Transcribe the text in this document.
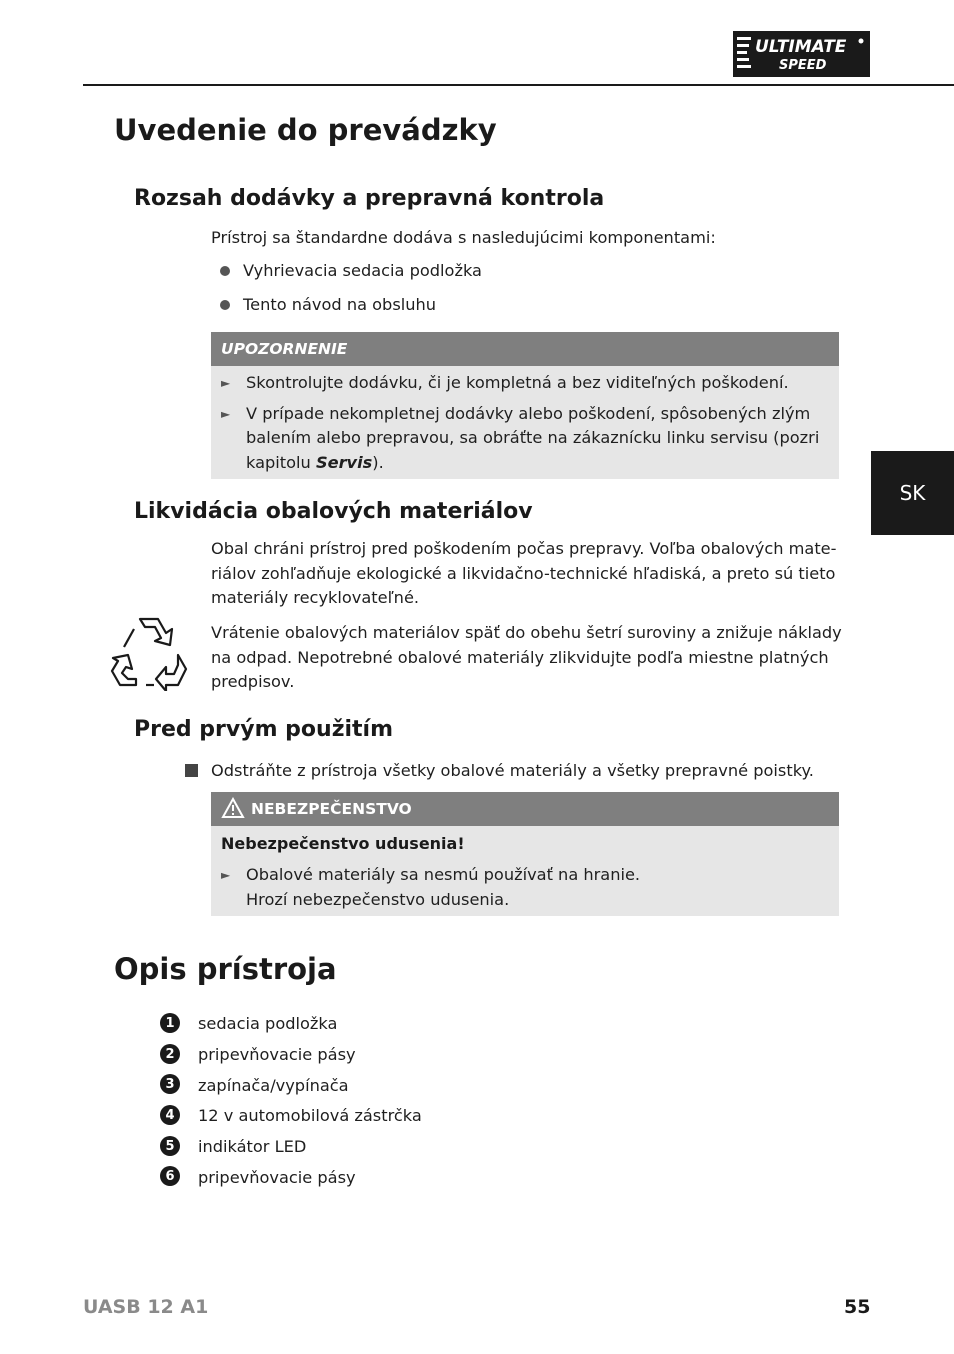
ULTIMATE
SPEED
SK
Uvedenie do prevádzky
Rozsah dodávky a prepravná kontrola
Prístroj sa štandardne dodáva s nasledujúcimi komponentami:
Vyhrievacia sedacia podložka
Tento návod na obsluhu
UPOZORNENIE
► Skontrolujte dodávku, či je kompletná a bez viditeľných poškodení.
► V prípade nekompletnej dodávky alebo poškodení, spôsobených zlým
balením alebo prepravou, sa obráťte na zákaznícku linku servisu (pozri
kapitolu Servis).
Likvidácia obalových materiálov
Obal chráni prístroj pred poškodením počas prepravy. Voľba obalových mate-
riálov zohľadňuje ekologické a likvidačno-technické hľadiská, a preto sú tieto
materiály recyklovateľné.
Vrátenie obalových materiálov späť do obehu šetrí suroviny a znižuje náklady
na odpad. Nepotrebné obalové materiály zlikvidujte podľa miestne platných
predpisov.
Pred prvým použitím
Odstráňte z prístroja všetky obalové materiály a všetky prepravné poistky.
NEBEZPEČENSTVO
Nebezpečenstvo udusenia!
► Obalové materiály sa nesmú používať na hranie.
Hrozí nebezpečenstvo udusenia.
Opis prístroja
1	sedacia podložka
2	pripevňovacie pásy
3	zapínača/vypínača
4	12 v automobilová zástrčka
5	indikátor LED
6	pripevňovacie pásy
UASB 12 A1	55
